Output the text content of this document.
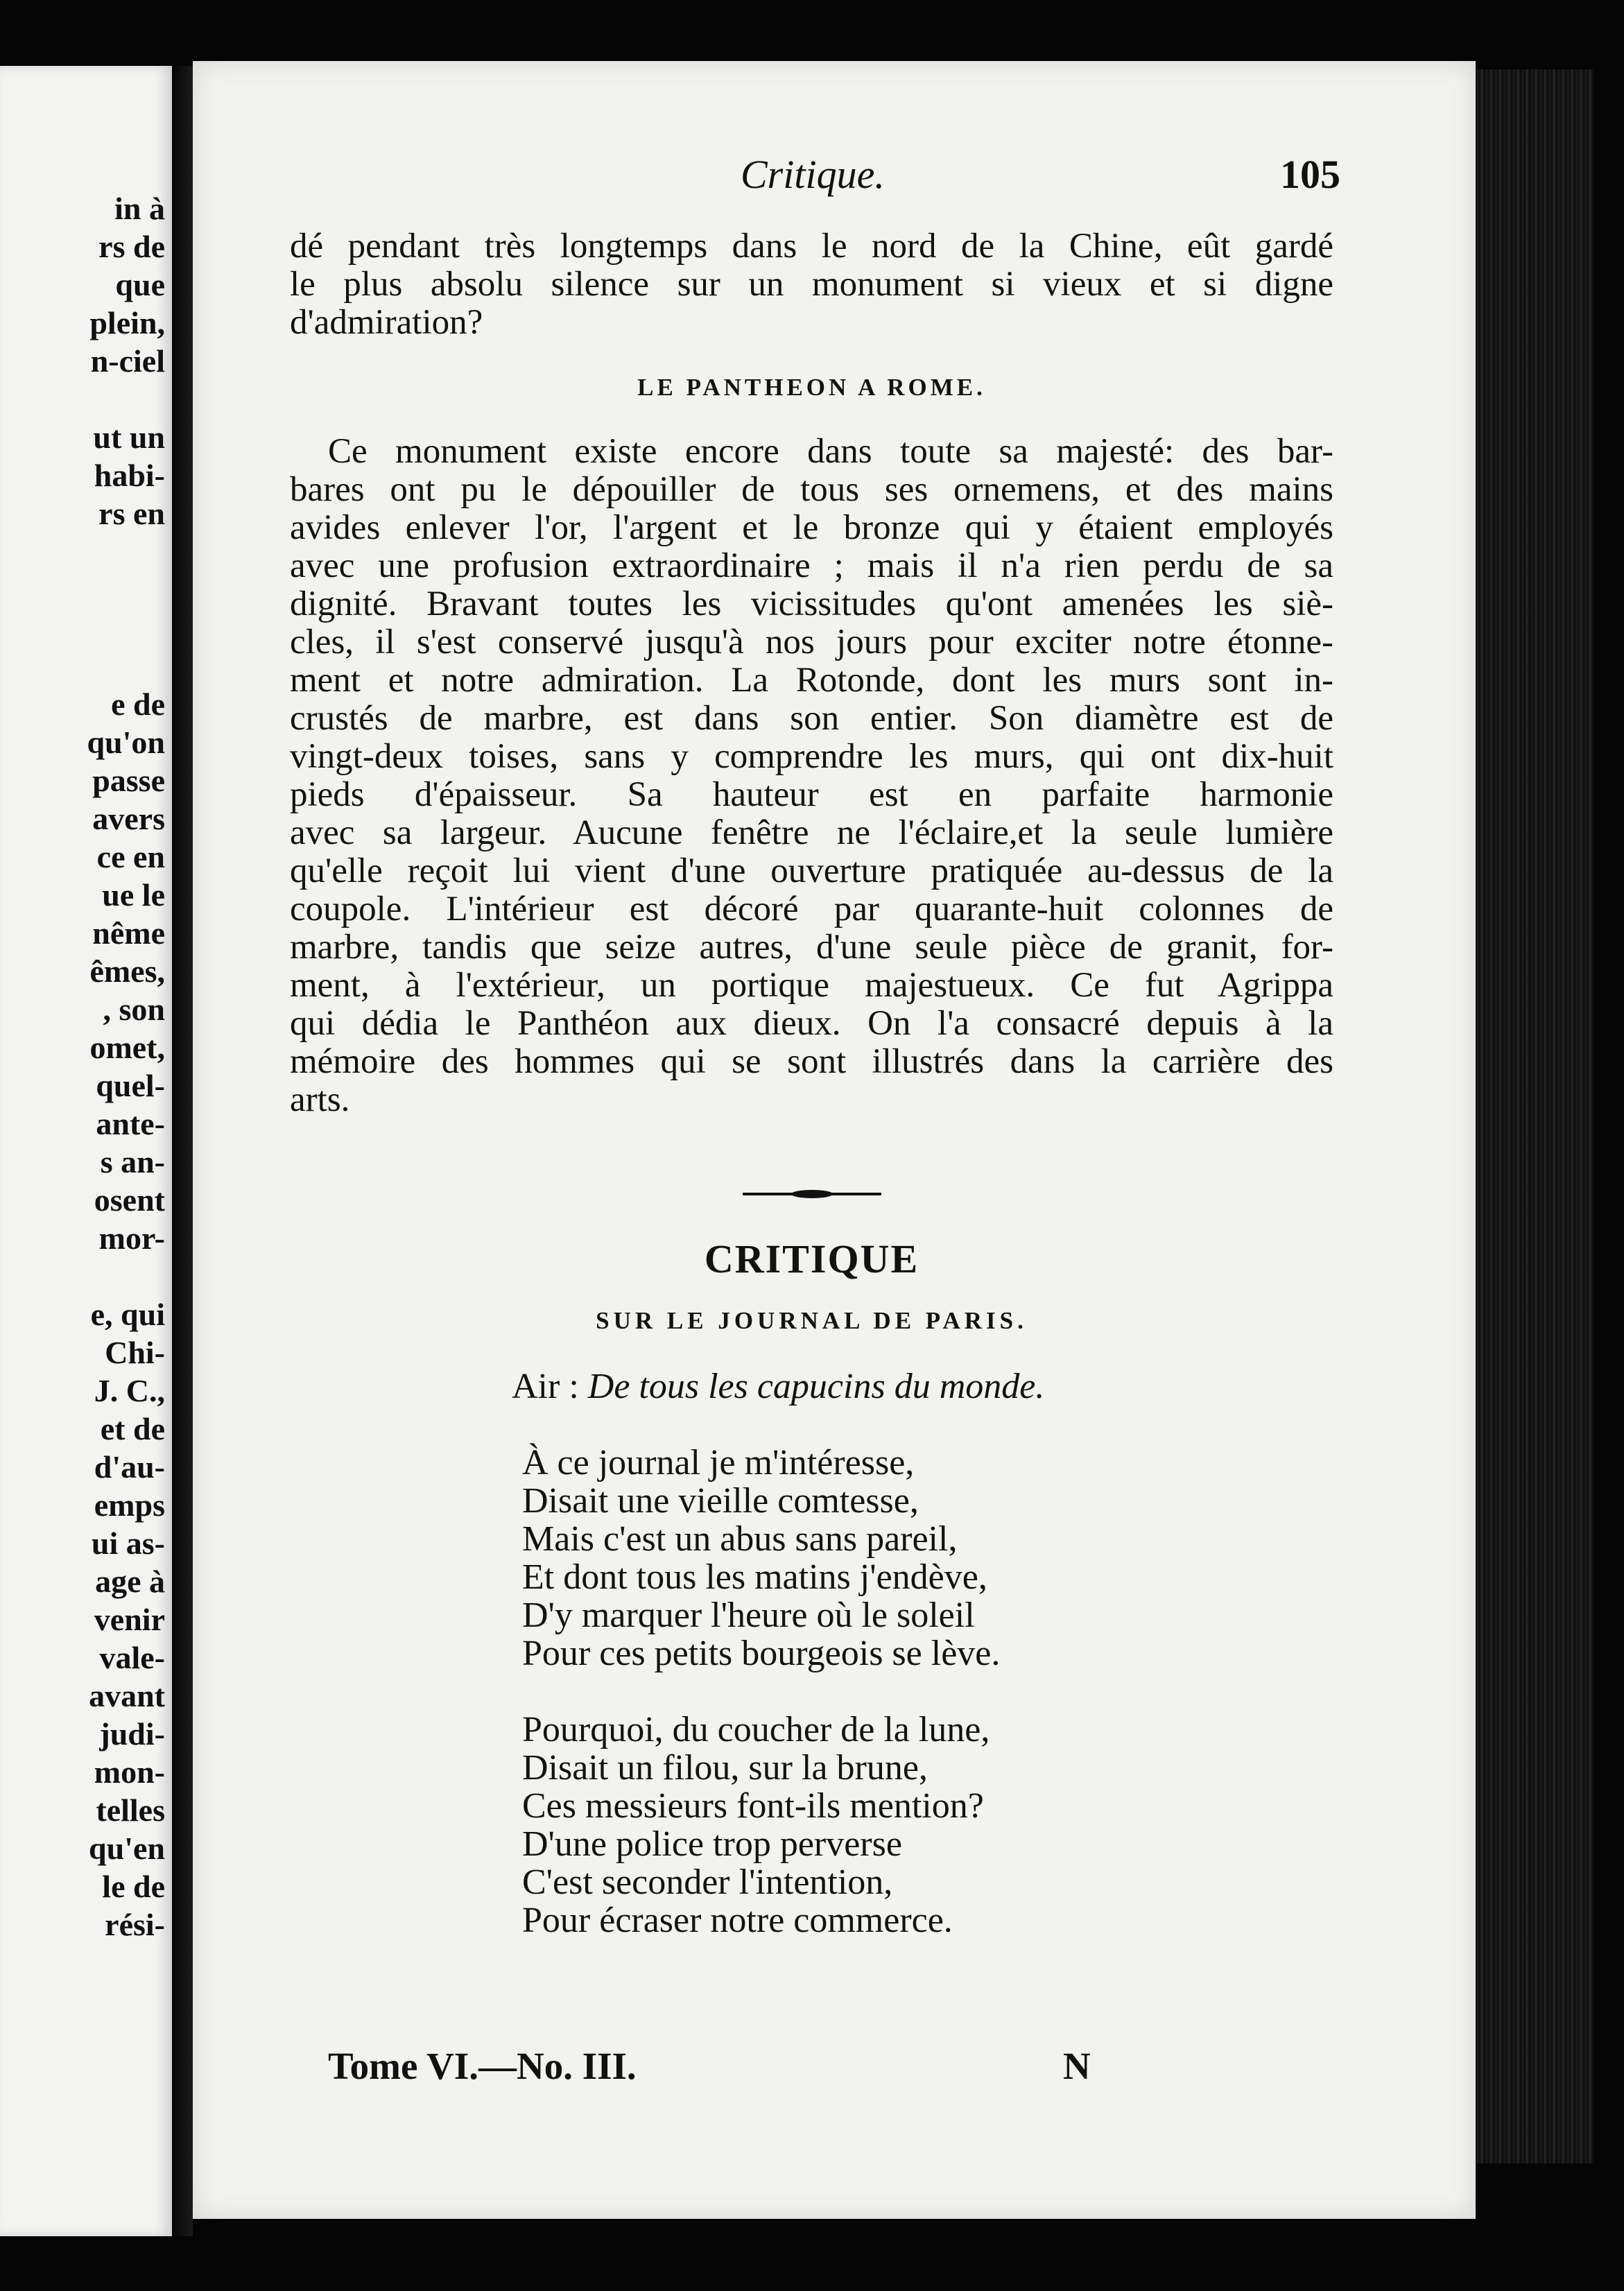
in à
rs de
que
plein,
n-ciel
ut un
habi-
rs en
e de
qu'on
passe
avers
ce en
ue le
nême
êmes,
, son
omet,
quel-
ante-
s an-
osent
mor-
e, qui
Chi-
J. C.,
et de
d'au-
emps
ui as-
age à
venir
vale-
avant
judi-
mon-
telles
qu'en
le de
rési-
Critique.	105
dé pendant très longtemps dans le nord de la Chine, eût gardé
le plus absolu silence sur un monument si vieux et si digne
d'admiration?
LE PANTHEON A ROME.
Ce monument existe encore dans toute sa majesté: des bar-
bares ont pu le dépouiller de tous ses ornemens, et des mains
avides enlever l'or, l'argent et le bronze qui y étaient employés
avec une profusion extraordinaire ; mais il n'a rien perdu de sa
dignité. Bravant toutes les vicissitudes qu'ont amenées les siè-
cles, il s'est conservé jusqu'à nos jours pour exciter notre étonne-
ment et notre admiration. La Rotonde, dont les murs sont in-
crustés de marbre, est dans son entier. Son diamètre est de
vingt-deux toises, sans y comprendre les murs, qui ont dix-huit
pieds d'épaisseur. Sa hauteur est en parfaite harmonie
avec sa largeur. Aucune fenêtre ne l'éclaire,et la seule lumière
qu'elle reçoit lui vient d'une ouverture pratiquée au-dessus de la
coupole. L'intérieur est décoré par quarante-huit colonnes de
marbre, tandis que seize autres, d'une seule pièce de granit, for-
ment, à l'extérieur, un portique majestueux. Ce fut Agrippa
qui dédia le Panthéon aux dieux. On l'a consacré depuis à la
mémoire des hommes qui se sont illustrés dans la carrière des
arts.
CRITIQUE
SUR LE JOURNAL DE PARIS.
Air : De tous les capucins du monde.
À ce journal je m'intéresse,
Disait une vieille comtesse,
Mais c'est un abus sans pareil,
Et dont tous les matins j'endève,
D'y marquer l'heure où le soleil
Pour ces petits bourgeois se lève.
Pourquoi, du coucher de la lune,
Disait un filou, sur la brune,
Ces messieurs font-ils mention?
D'une police trop perverse
C'est seconder l'intention,
Pour écraser notre commerce.
Tome VI.—No. III.	N
